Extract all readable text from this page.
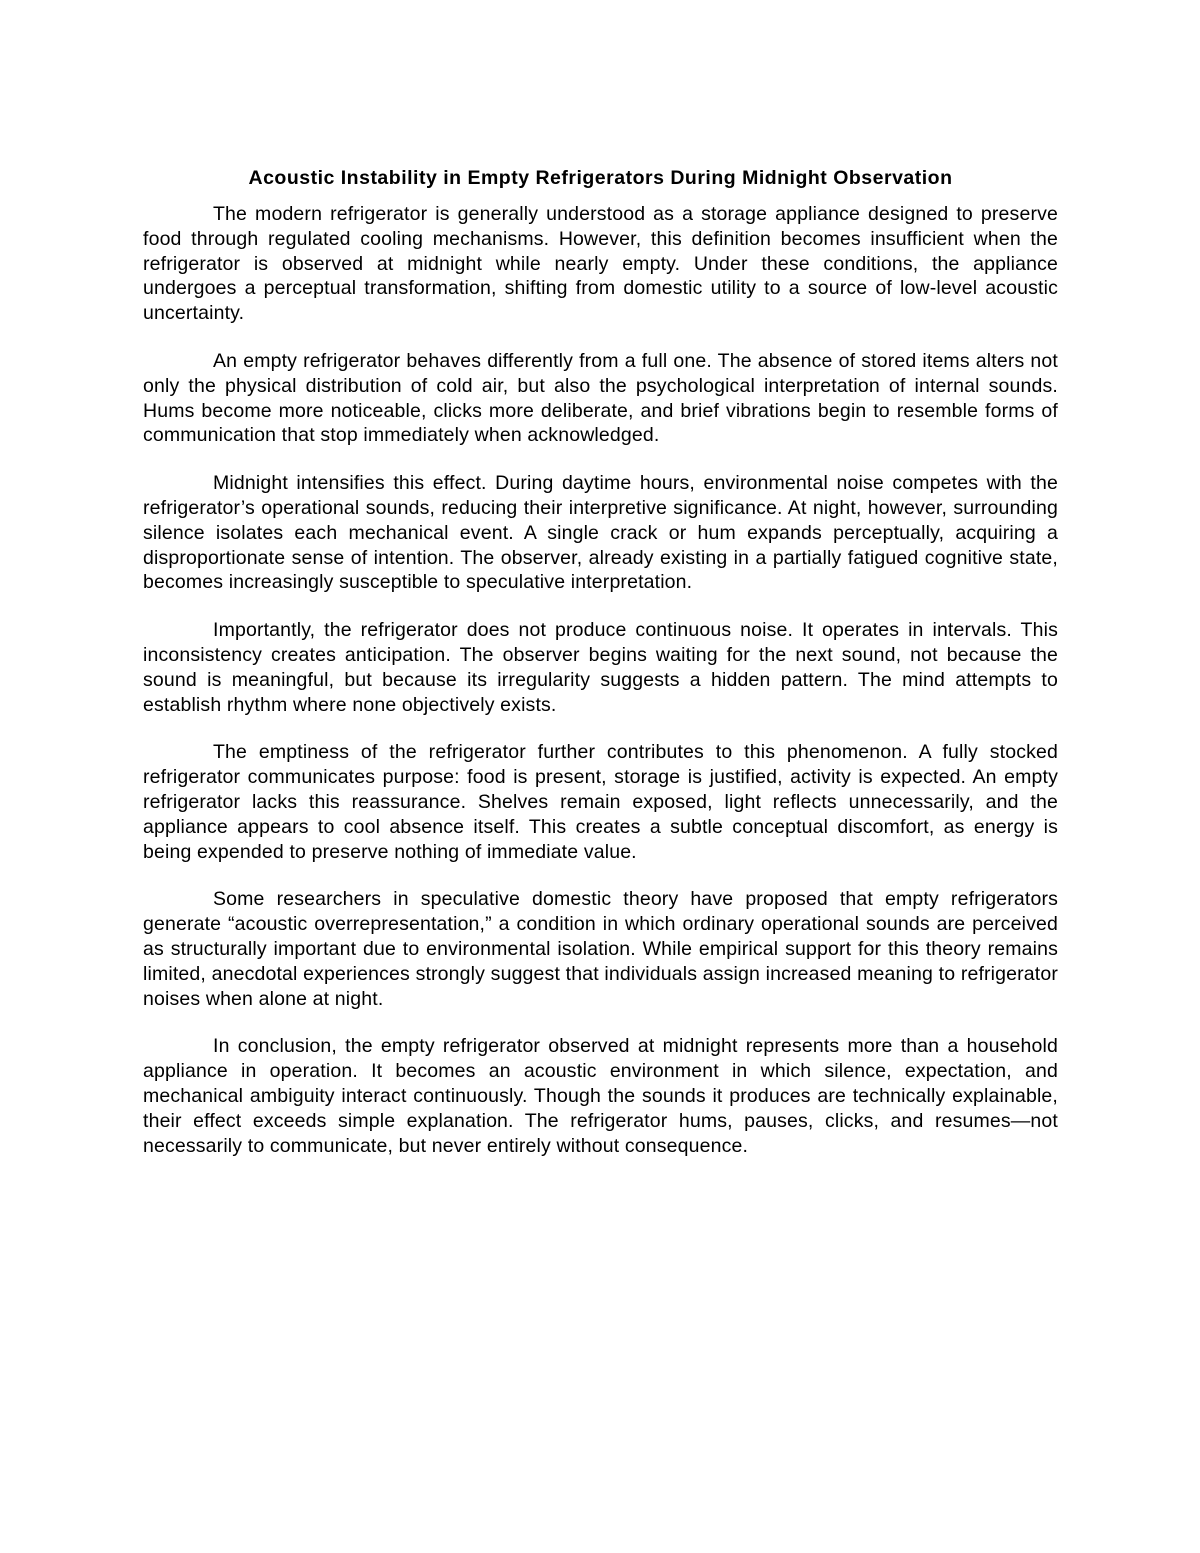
Acoustic Instability in Empty Refrigerators During Midnight Observation

The modern refrigerator is generally understood as a storage appliance designed to preserve food through regulated cooling mechanisms. However, this definition becomes insufficient when the refrigerator is observed at midnight while nearly empty. Under these conditions, the appliance undergoes a perceptual transformation, shifting from domestic utility to a source of low-level acoustic uncertainty.

An empty refrigerator behaves differently from a full one. The absence of stored items alters not only the physical distribution of cold air, but also the psychological interpretation of internal sounds. Hums become more noticeable, clicks more deliberate, and brief vibrations begin to resemble forms of communication that stop immediately when acknowledged.

Midnight intensifies this effect. During daytime hours, environmental noise competes with the refrigerator’s operational sounds, reducing their interpretive significance. At night, however, surrounding silence isolates each mechanical event. A single crack or hum expands perceptually, acquiring a disproportionate sense of intention. The observer, already existing in a partially fatigued cognitive state, becomes increasingly susceptible to speculative interpretation.

Importantly, the refrigerator does not produce continuous noise. It operates in intervals. This inconsistency creates anticipation. The observer begins waiting for the next sound, not because the sound is meaningful, but because its irregularity suggests a hidden pattern. The mind attempts to establish rhythm where none objectively exists.

The emptiness of the refrigerator further contributes to this phenomenon. A fully stocked refrigerator communicates purpose: food is present, storage is justified, activity is expected. An empty refrigerator lacks this reassurance. Shelves remain exposed, light reflects unnecessarily, and the appliance appears to cool absence itself. This creates a subtle conceptual discomfort, as energy is being expended to preserve nothing of immediate value.

Some researchers in speculative domestic theory have proposed that empty refrigerators generate “acoustic overrepresentation,” a condition in which ordinary operational sounds are perceived as structurally important due to environmental isolation. While empirical support for this theory remains limited, anecdotal experiences strongly suggest that individuals assign increased meaning to refrigerator noises when alone at night.

In conclusion, the empty refrigerator observed at midnight represents more than a household appliance in operation. It becomes an acoustic environment in which silence, expectation, and mechanical ambiguity interact continuously. Though the sounds it produces are technically explainable, their effect exceeds simple explanation. The refrigerator hums, pauses, clicks, and resumes—not necessarily to communicate, but never entirely without consequence.
